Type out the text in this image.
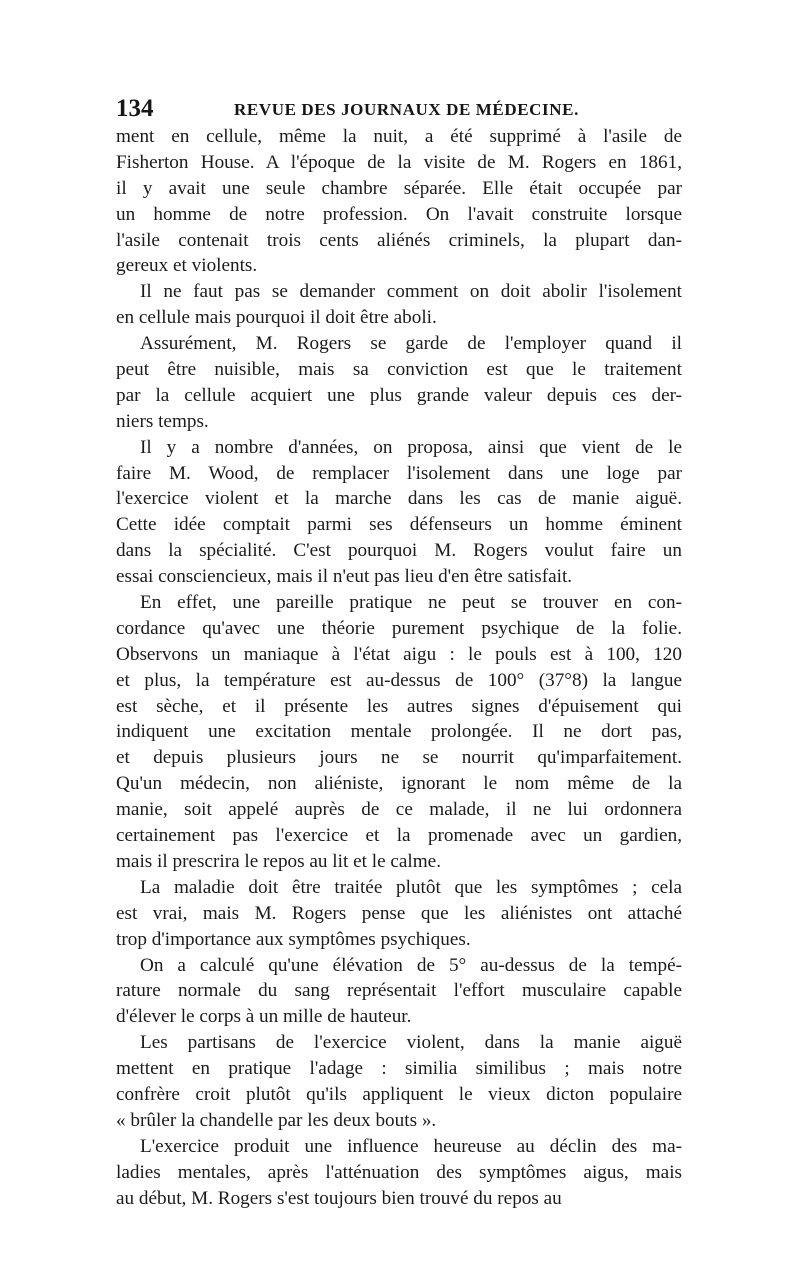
134	REVUE DES JOURNAUX DE MÉDECINE.
ment en cellule, même la nuit, a été supprimé à l'asile de
Fisherton House. A l'époque de la visite de M. Rogers en 1861,
il y avait une seule chambre séparée. Elle était occupée par
un homme de notre profession. On l'avait construite lorsque
l'asile contenait trois cents aliénés criminels, la plupart dan-
gereux et violents.
Il ne faut pas se demander comment on doit abolir l'isolement
en cellule mais pourquoi il doit être aboli.
Assurément, M. Rogers se garde de l'employer quand il
peut être nuisible, mais sa conviction est que le traitement
par la cellule acquiert une plus grande valeur depuis ces der-
niers temps.
Il y a nombre d'années, on proposa, ainsi que vient de le
faire M. Wood, de remplacer l'isolement dans une loge par
l'exercice violent et la marche dans les cas de manie aiguë.
Cette idée comptait parmi ses défenseurs un homme éminent
dans la spécialité. C'est pourquoi M. Rogers voulut faire un
essai consciencieux, mais il n'eut pas lieu d'en être satisfait.
En effet, une pareille pratique ne peut se trouver en con-
cordance qu'avec une théorie purement psychique de la folie.
Observons un maniaque à l'état aigu : le pouls est à 100, 120
et plus, la température est au-dessus de 100° (37°8) la langue
est sèche, et il présente les autres signes d'épuisement qui
indiquent une excitation mentale prolongée. Il ne dort pas,
et depuis plusieurs jours ne se nourrit qu'imparfaitement.
Qu'un médecin, non aliéniste, ignorant le nom même de la
manie, soit appelé auprès de ce malade, il ne lui ordonnera
certainement pas l'exercice et la promenade avec un gardien,
mais il prescrira le repos au lit et le calme.
La maladie doit être traitée plutôt que les symptômes ; cela
est vrai, mais M. Rogers pense que les aliénistes ont attaché
trop d'importance aux symptômes psychiques.
On a calculé qu'une élévation de 5° au-dessus de la tempé-
rature normale du sang représentait l'effort musculaire capable
d'élever le corps à un mille de hauteur.
Les partisans de l'exercice violent, dans la manie aiguë
mettent en pratique l'adage : similia similibus ; mais notre
confrère croit plutôt qu'ils appliquent le vieux dicton populaire
« brûler la chandelle par les deux bouts ».
L'exercice produit une influence heureuse au déclin des ma-
ladies mentales, après l'atténuation des symptômes aigus, mais
au début, M. Rogers s'est toujours bien trouvé du repos au
